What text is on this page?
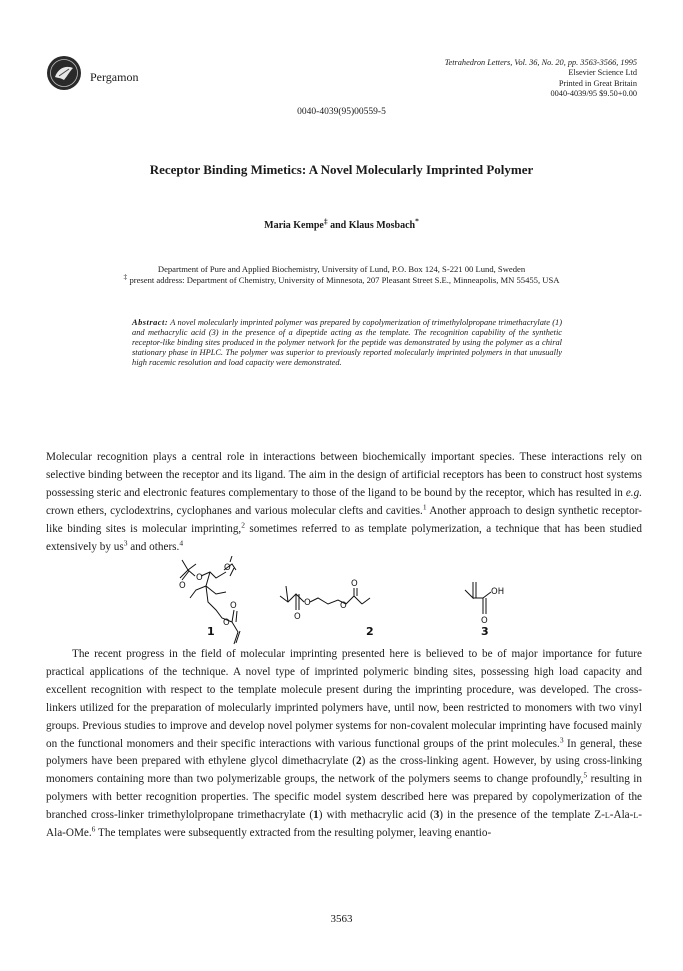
Pergamon
Tetrahedron Letters, Vol. 36, No. 20, pp. 3563-3566, 1995
Elsevier Science Ltd
Printed in Great Britain
0040-4039/95 $9.50+0.00
0040-4039(95)00559-5
Receptor Binding Mimetics: A Novel Molecularly Imprinted Polymer
Maria Kempe‡ and Klaus Mosbach*
Department of Pure and Applied Biochemistry, University of Lund, P.O. Box 124, S-221 00 Lund, Sweden
‡ present address: Department of Chemistry, University of Minnesota, 207 Pleasant Street S.E., Minneapolis, MN 55455, USA
Abstract: A novel molecularly imprinted polymer was prepared by copolymerization of trimethylolpropane trimethacrylate (1) and methacrylic acid (3) in the presence of a dipeptide acting as the template. The recognition capability of the synthetic receptor-like binding sites produced in the polymer network for the peptide was demonstrated by using the polymer as a chiral stationary phase in HPLC. The polymer was superior to previously reported molecularly imprinted polymers in that unusually high racemic resolution and load capacity were demonstrated.
Molecular recognition plays a central role in interactions between biochemically important species. These interactions rely on selective binding between the receptor and its ligand. The aim in the design of artificial receptors has been to construct host systems possessing steric and electronic features complementary to those of the ligand to be bound by the receptor, which has resulted in e.g. crown ethers, cyclodextrins, cyclophanes and various molecular clefts and cavities.$^1$ Another approach to design synthetic receptor-like binding sites is molecular imprinting,$^2$ sometimes referred to as template polymerization, a technique that has been studied extensively by $us^3$ and others.$^4$
O
O
O
O
O
1
O
O
O
O
2
OH
O
3
The recent progress in the field of molecular imprinting presented here is believed to be of major importance for future practical applications of the technique. A novel type of imprinted polymeric binding sites, possessing high load capacity and excellent recognition with respect to the template molecule present during the imprinting procedure, was developed. The cross-linkers utilized for the preparation of molecularly imprinted polymers have, until now, been restricted to monomers with two vinyl groups. Previous studies to improve and develop novel polymer systems for non-covalent molecular imprinting have focused mainly on the functional monomers and their specific interactions with various functional groups of the print molecules.$^3$ In general, these polymers have been prepared with ethylene glycol dimethacrylate (2) as the cross-linking agent. However, by using cross-linking monomers containing more than two polymerizable groups, the network of the polymers seems to change profoundly,$^5$ resulting in polymers with better recognition properties. The specific model system described here was prepared by copolymerization of the branched cross-linker trimethylolpropane trimethacrylate (1) with methacrylic acid (3) in the presence of the template Z-l-Ala-l-Ala-OMe.$^6$ The templates were subsequently extracted from the resulting polymer, leaving enantio-
3563
